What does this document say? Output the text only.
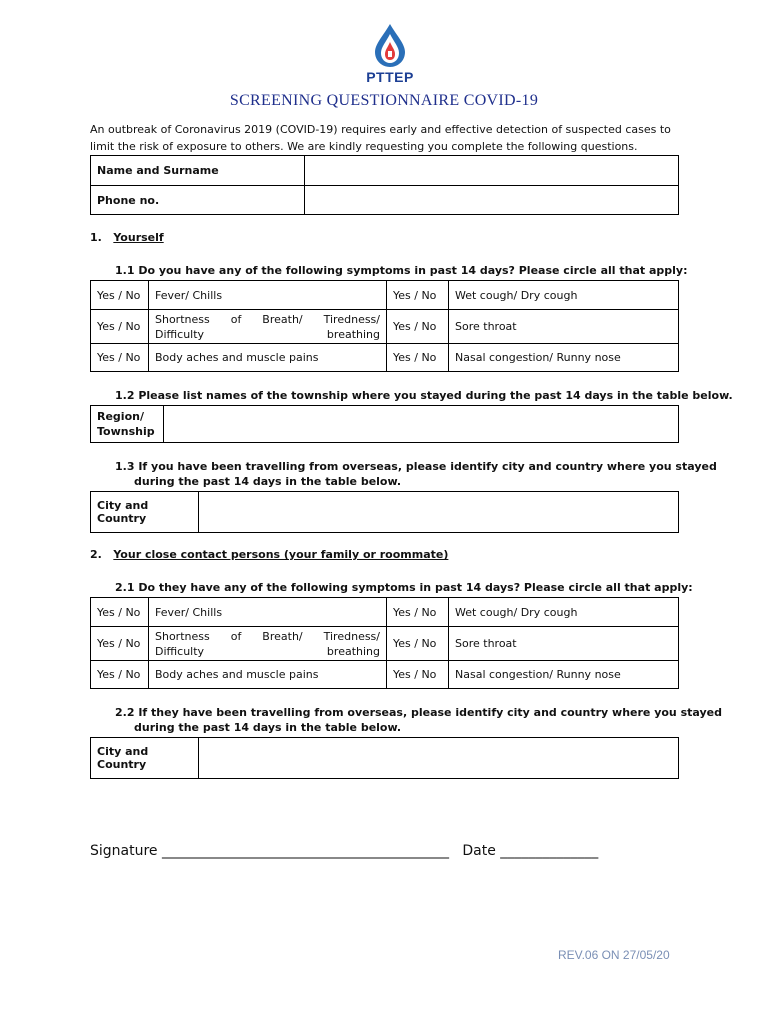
PTTEP
SCREENING QUESTIONNAIRE COVID-19
An outbreak of Coronavirus 2019 (COVID-19) requires early and effective detection of suspected cases to limit the risk of exposure to others. We are kindly requesting you complete the following questions.
Name and Surname	
Phone no.	
1. Yourself
1.1 Do you have any of the following symptoms in past 14 days? Please circle all that apply:
Yes / No	Fever/ Chills	Yes / No	Wet cough/ Dry cough
Yes / No	Shortness of Breath/ Tiredness/ Difficulty breathing	Yes / No	Sore throat
Yes / No	Body aches and muscle pains	Yes / No	Nasal congestion/ Runny nose
1.2 Please list names of the township where you stayed during the past 14 days in the table below.
Region/ Township	
1.3 If you have been travelling from overseas, please identify city and country where you stayed
during the past 14 days in the table below.
City and Country	
2. Your close contact persons (your family or roommate)
2.1 Do they have any of the following symptoms in past 14 days? Please circle all that apply:
Yes / No	Fever/ Chills	Yes / No	Wet cough/ Dry cough
Yes / No	Shortness of Breath/ Tiredness/ Difficulty breathing	Yes / No	Sore throat
Yes / No	Body aches and muscle pains	Yes / No	Nasal congestion/ Runny nose
2.2 If they have been travelling from overseas, please identify city and country where you stayed
during the past 14 days in the table below.
City and Country	
Signature _________________________________________ Date ______________
REV.06 ON 27/05/20
